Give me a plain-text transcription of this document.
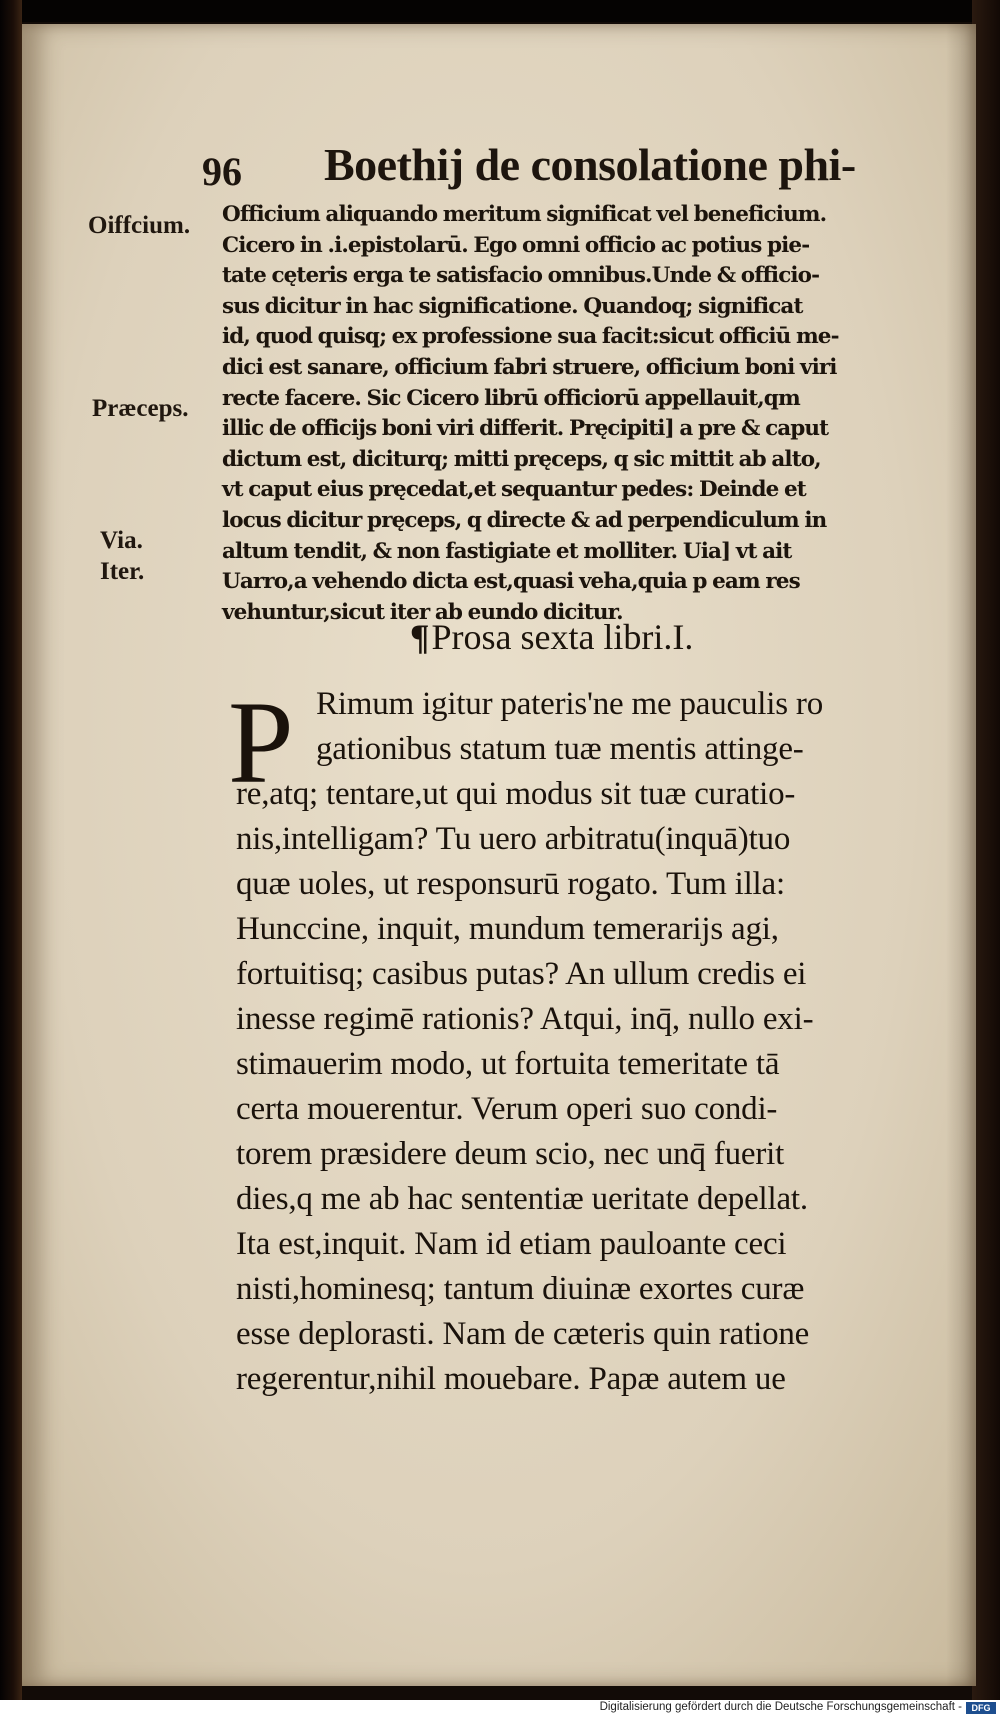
96 Boethij de consolatione phi-
Oiffcium.
Præceps.
Via.
Iter.
Officium aliquando meritum significat vel beneficium.
Cicero in .i.epistolarū. Ego omni officio ac potius pie-
tate cęteris erga te satisfacio omnibus.Unde & officio-
sus dicitur in hac significatione. Quandoq; significat
id, quod quisq; ex professione sua facit:sicut officiū me-
dici est sanare, officium fabri struere, officium boni viri
recte facere. Sic Cicero librū officiorū appellauit,qm
illic de officijs boni viri differit. Pręcipiti] a pre & caput
dictum est, diciturq; mitti pręceps, q sic mittit ab alto,
vt caput eius pręcedat,et sequantur pedes: Deinde et
locus dicitur pręceps, q directe & ad perpendiculum in
altum tendit, & non fastigiate et molliter. Uia] vt ait
Uarro,a vehendo dicta est,quasi veha,quia p eam res
vehuntur,sicut iter ab eundo dicitur.
¶Prosa sexta libri.I.
P Rimum igitur pateris'ne me pauculis ro
gationibus statum tuæ mentis attinge-
re,atq; tentare,ut qui modus sit tuæ curatio-
nis,intelligam? Tu uero arbitratu(inquā)tuo
quæ uoles, ut responsurū rogato. Tum illa:
Hunccine, inquit, mundum temerarijs agi,
fortuitisq; casibus putas? An ullum credis ei
inesse regimē rationis? Atqui, inq̄, nullo exi-
stimauerim modo, ut fortuita temeritate tā
certa mouerentur. Verum operi suo condi-
torem præsidere deum scio, nec unq̄ fuerit
dies,q me ab hac sententiæ ueritate depellat.
Ita est,inquit. Nam id etiam pauloante ceci
nisti,hominesq; tantum diuinæ exortes curæ
esse deplorasti. Nam de cæteris quin ratione
regerentur,nihil mouebare. Papæ autem ue
Digitalisierung gefördert durch die Deutsche Forschungsgemeinschaft -	DFG
